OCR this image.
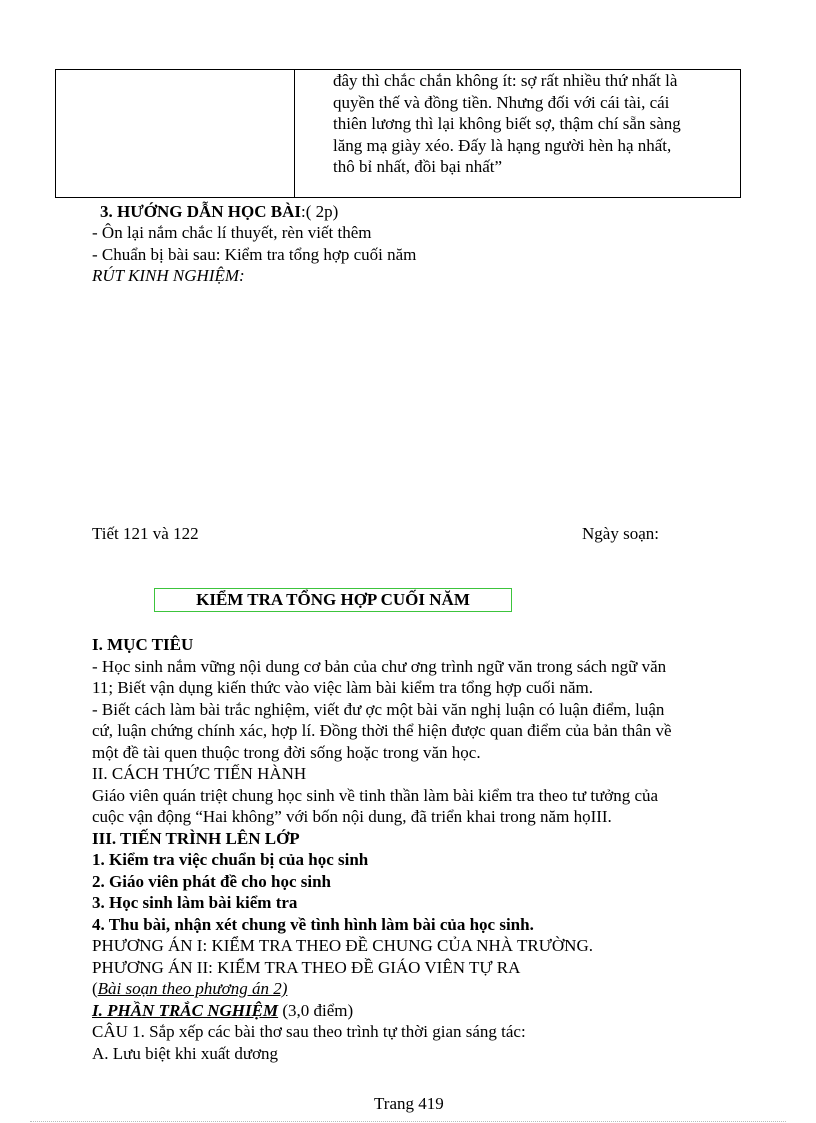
đây thì chắc chắn không ít: sợ rất nhiều thứ nhất là
quyền thế và đồng tiền. Nhưng đối với cái tài, cái
thiên lương thì lại không biết sợ, thậm chí sẵn sàng
lăng mạ giày xéo. Đấy là hạng người hèn hạ nhất,
thô bỉ nhất, đồi bại nhất”
3. HƯỚNG DẪN HỌC BÀI:( 2p)
- Ôn lại nắm chắc lí thuyết, rèn viết thêm
- Chuẩn bị bài sau: Kiểm tra tổng hợp cuối năm
RÚT KINH NGHIỆM:
Tiết 121 và 122	Ngày soạn:
KIỂM TRA TỔNG HỢP CUỐI NĂM
I. MỤC TIÊU
- Học sinh nắm vững nội dung cơ bản của chư ơng trình ngữ văn trong sách ngữ văn
11; Biết vận dụng kiến thức vào việc làm bài kiểm tra tổng hợp cuối năm.
- Biết cách làm bài trắc nghiệm, viết đư ợc một bài văn nghị luận có luận điểm, luận
cứ, luận chứng chính xác, hợp lí. Đồng thời thể hiện được quan điểm của bản thân về
một đề tài quen thuộc trong đời sống hoặc trong văn học.
II. CÁCH THỨC TIẾN HÀNH
Giáo viên quán triệt chung học sinh về tinh thần làm bài kiểm tra theo tư tưởng của
cuộc vận động “Hai không” với bốn nội dung, đã triển khai trong năm họIII.
III. TIẾN TRÌNH LÊN LỚP
1. Kiểm tra việc chuẩn bị của học sinh
2. Giáo viên phát đề cho học sinh
3. Học sinh làm bài kiểm tra
4. Thu bài, nhận xét chung về tình hình làm bài của học sinh.
PHƯƠNG ÁN I: KIỂM TRA THEO ĐỀ CHUNG CỦA NHÀ TRƯỜNG.
PHƯƠNG ÁN II: KIỂM TRA THEO ĐỀ GIÁO VIÊN TỰ RA
(Bài soạn theo phương án 2)
I. PHẦN TRẮC NGHIỆM (3,0 điểm)
CÂU 1. Sắp xếp các bài thơ sau theo trình tự thời gian sáng tác:
A. Lưu biệt khi xuất dương
Trang 419
